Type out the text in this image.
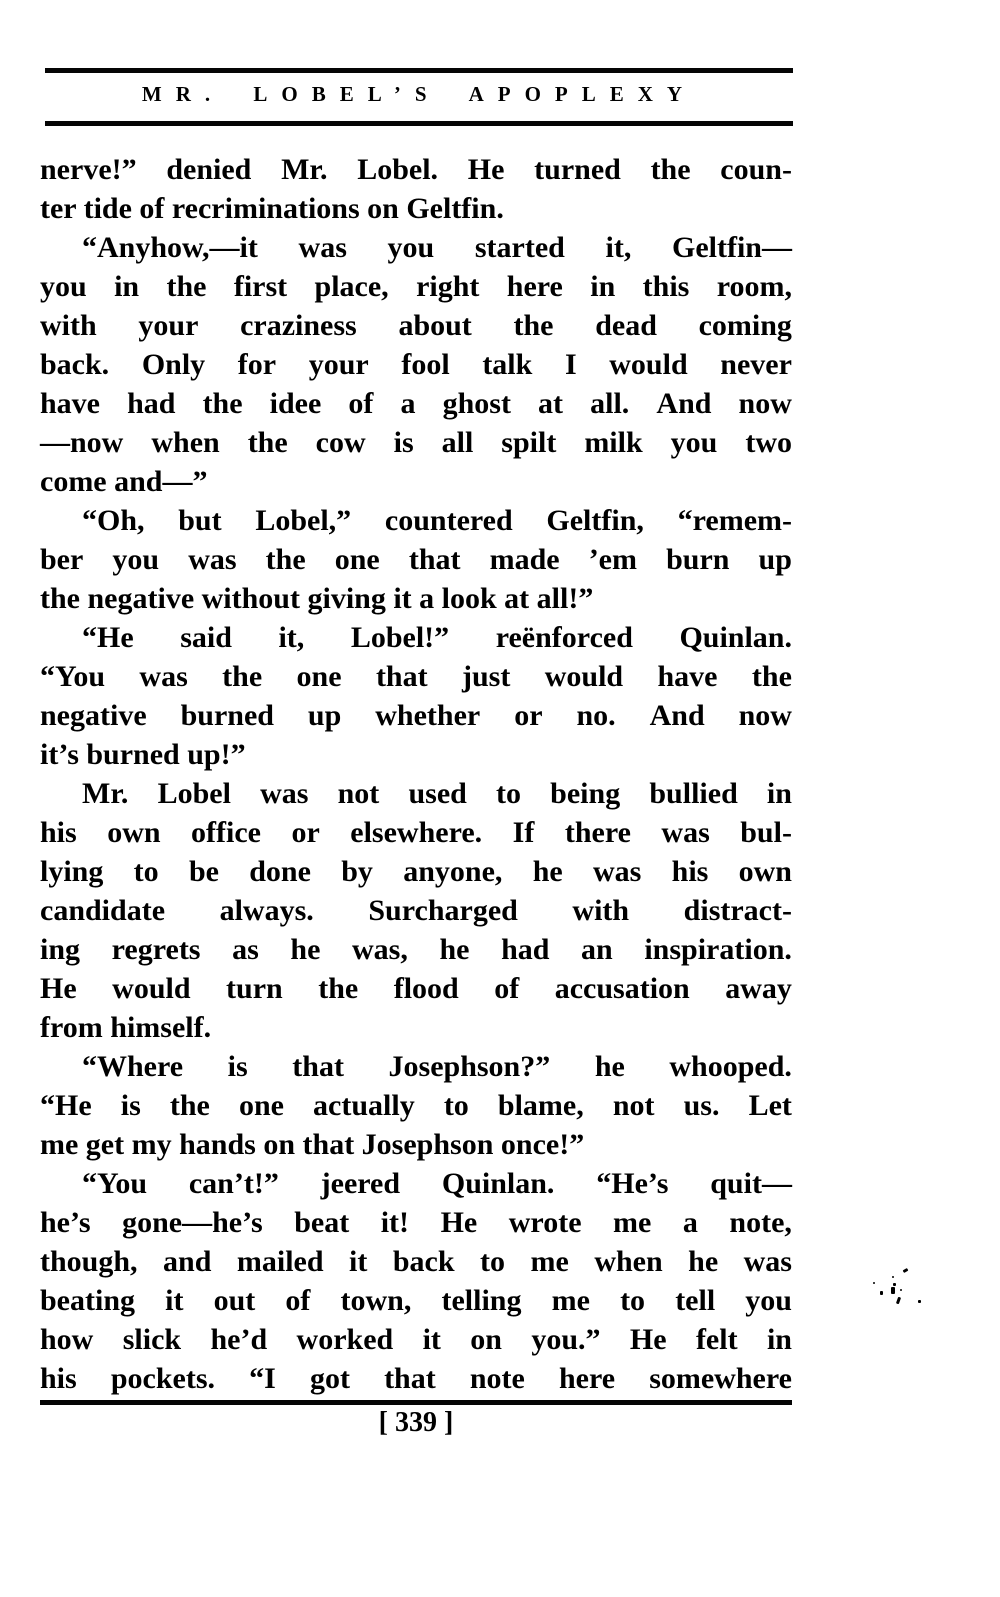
MR. LOBEL’S APOPLEXY
nerve!” denied Mr. Lobel. He turned the coun-
ter tide of recriminations on Geltfin.
“Anyhow,—it was you started it, Geltfin—
you in the first place, right here in this room,
with your craziness about the dead coming
back. Only for your fool talk I would never
have had the idee of a ghost at all. And now
—now when the cow is all spilt milk you two
come and—”
“Oh, but Lobel,” countered Geltfin, “remem-
ber you was the one that made ’em burn up
the negative without giving it a look at all!”
“He said it, Lobel!” reënforced Quinlan.
“You was the one that just would have the
negative burned up whether or no. And now
it’s burned up!”
Mr. Lobel was not used to being bullied in
his own office or elsewhere. If there was bul-
lying to be done by anyone, he was his own
candidate always. Surcharged with distract-
ing regrets as he was, he had an inspiration.
He would turn the flood of accusation away
from himself.
“Where is that Josephson?” he whooped.
“He is the one actually to blame, not us. Let
me get my hands on that Josephson once!”
“You can’t!” jeered Quinlan. “He’s quit—
he’s gone—he’s beat it! He wrote me a note,
though, and mailed it back to me when he was
beating it out of town, telling me to tell you
how slick he’d worked it on you.” He felt in
his pockets. “I got that note here somewhere
[ 339 ]
